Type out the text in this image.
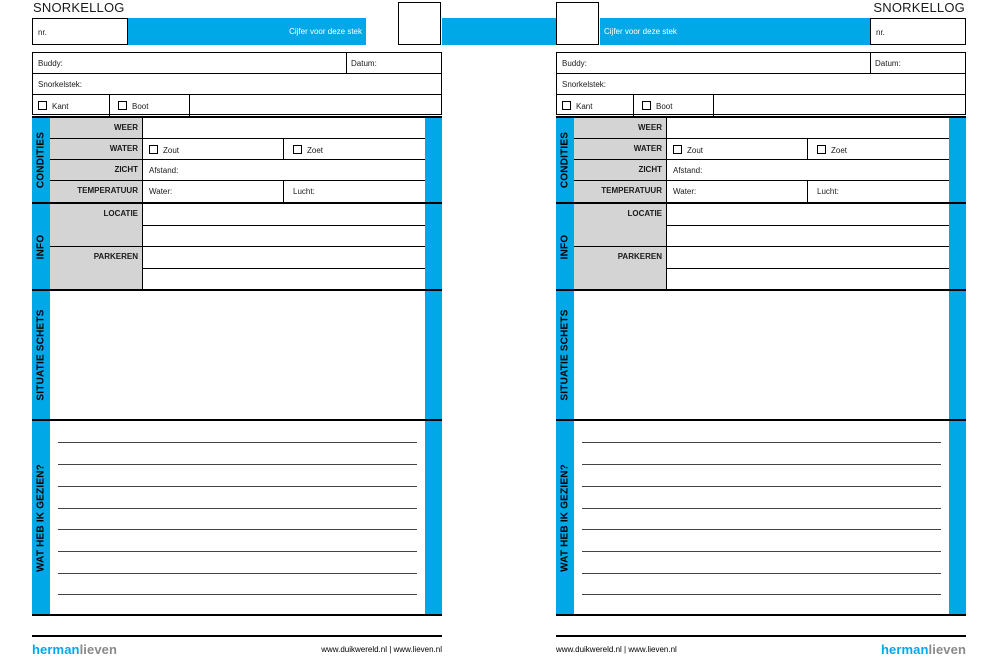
Cijfer voor deze stek	Cijfer voor deze stek
SNORKELLOG
nr.
Buddy:	Datum:
Snorkelstek:
Kant	Boot
CONDITIES
WEER
WATER	Zout	Zoet
ZICHT	Afstand:
TEMPERATUUR	Water:	Lucht:
INFO
LOCATIE
PARKEREN
SITUATIE SCHETS
WAT HEB IK GEZIEN?
hermanlieven	www.duikwereld.nl | www.lieven.nl
SNORKELLOG
nr.
Buddy:	Datum:
Snorkelstek:
Kant	Boot
CONDITIES
WEER
WATER	Zout	Zoet
ZICHT	Afstand:
TEMPERATUUR	Water:	Lucht:
INFO
LOCATIE
PARKEREN
SITUATIE SCHETS
WAT HEB IK GEZIEN?
www.duikwereld.nl | www.lieven.nl	hermanlieven
